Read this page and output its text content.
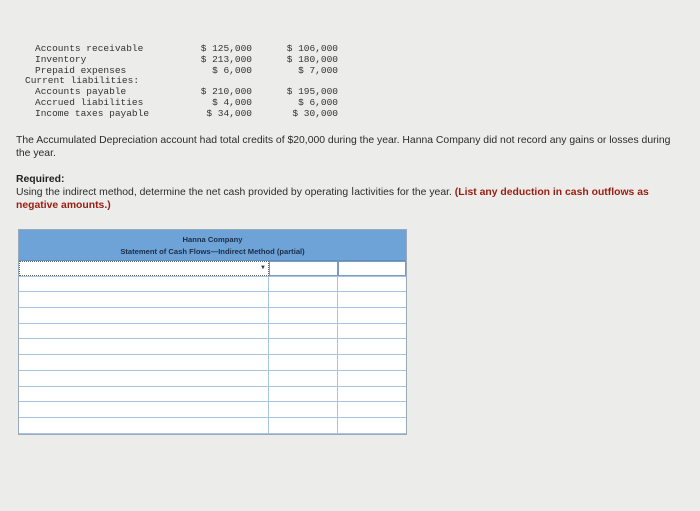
Accounts receivable	$ 125,000	$ 106,000
Inventory	$ 213,000	$ 180,000
Prepaid expenses	$ 6,000	$ 7,000
Current liabilities:
Accounts payable	$ 210,000	$ 195,000
Accrued liabilities	$ 4,000	$ 6,000
Income taxes payable	$ 34,000	$ 30,000
The Accumulated Depreciation account had total credits of $20,000 during the year. Hanna Company did not record any gains or losses during the year.
Required:
Using the indirect method, determine the net cash provided by operating Iactivities for the year. (List any deduction in cash outflows as negative amounts.)
Hanna Company
Statement of Cash Flows—Indirect Method (partial)
▼
